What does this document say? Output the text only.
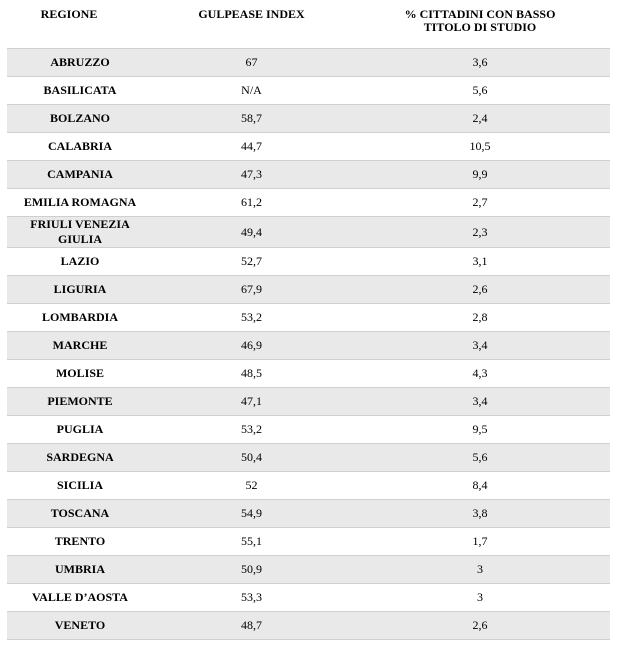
REGIONE	GULPEASE INDEX	% CITTADINI CON BASSO TITOLO DI STUDIO
ABRUZZO	67	3,6
BASILICATA	N/A	5,6
BOLZANO	58,7	2,4
CALABRIA	44,7	10,5
CAMPANIA	47,3	9,9
EMILIA ROMAGNA	61,2	2,7
FRIULI VENEZIA GIULIA	49,4	2,3
LAZIO	52,7	3,1
LIGURIA	67,9	2,6
LOMBARDIA	53,2	2,8
MARCHE	46,9	3,4
MOLISE	48,5	4,3
PIEMONTE	47,1	3,4
PUGLIA	53,2	9,5
SARDEGNA	50,4	5,6
SICILIA	52	8,4
TOSCANA	54,9	3,8
TRENTO	55,1	1,7
UMBRIA	50,9	3
VALLE D’AOSTA	53,3	3
VENETO	48,7	2,6
